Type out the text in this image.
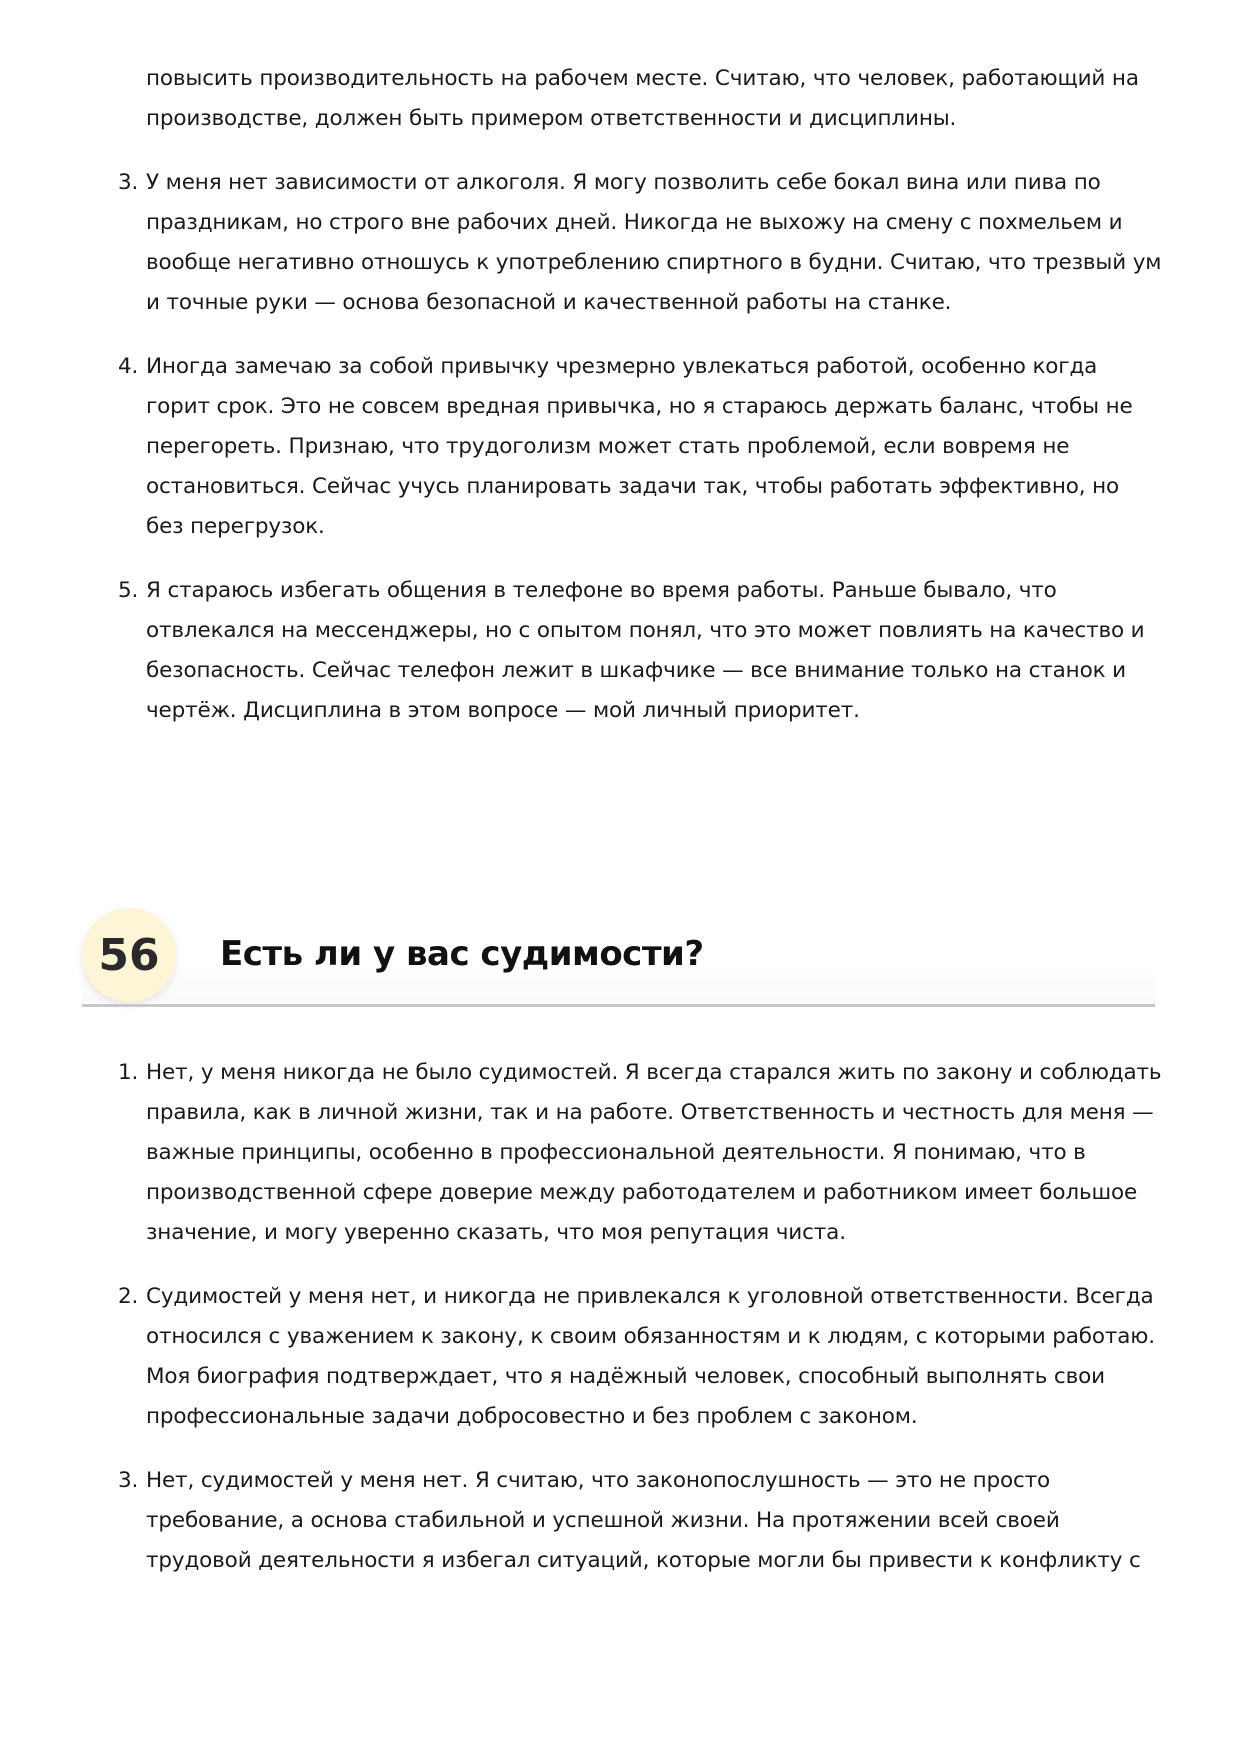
повысить производительность на рабочем месте. Считаю, что человек, работающий на производстве, должен быть примером ответственности и дисциплины.
3. У меня нет зависимости от алкоголя. Я могу позволить себе бокал вина или пива по праздникам, но строго вне рабочих дней. Никогда не выхожу на смену с похмельем и вообще негативно отношусь к употреблению спиртного в будни. Считаю, что трезвый ум и точные руки — основа безопасной и качественной работы на станке.
4. Иногда замечаю за собой привычку чрезмерно увлекаться работой, особенно когда горит срок. Это не совсем вредная привычка, но я стараюсь держать баланс, чтобы не перегореть. Признаю, что трудоголизм может стать проблемой, если вовремя не остановиться. Сейчас учусь планировать задачи так, чтобы работать эффективно, но без перегрузок.
5. Я стараюсь избегать общения в телефоне во время работы. Раньше бывало, что отвлекался на мессенджеры, но с опытом понял, что это может повлиять на качество и безопасность. Сейчас телефон лежит в шкафчике — все внимание только на станок и чертёж. Дисциплина в этом вопросе — мой личный приоритет.
56	Есть ли у вас судимости?
1. Нет, у меня никогда не было судимостей. Я всегда старался жить по закону и соблюдать правила, как в личной жизни, так и на работе. Ответственность и честность для меня — важные принципы, особенно в профессиональной деятельности. Я понимаю, что в производственной сфере доверие между работодателем и работником имеет большое значение, и могу уверенно сказать, что моя репутация чиста.
2. Судимостей у меня нет, и никогда не привлекался к уголовной ответственности. Всегда относился с уважением к закону, к своим обязанностям и к людям, с которыми работаю. Моя биография подтверждает, что я надёжный человек, способный выполнять свои профессиональные задачи добросовестно и без проблем с законом.
3. Нет, судимостей у меня нет. Я считаю, что законопослушность — это не просто требование, а основа стабильной и успешной жизни. На протяжении всей своей трудовой деятельности я избегал ситуаций, которые могли бы привести к конфликту с
